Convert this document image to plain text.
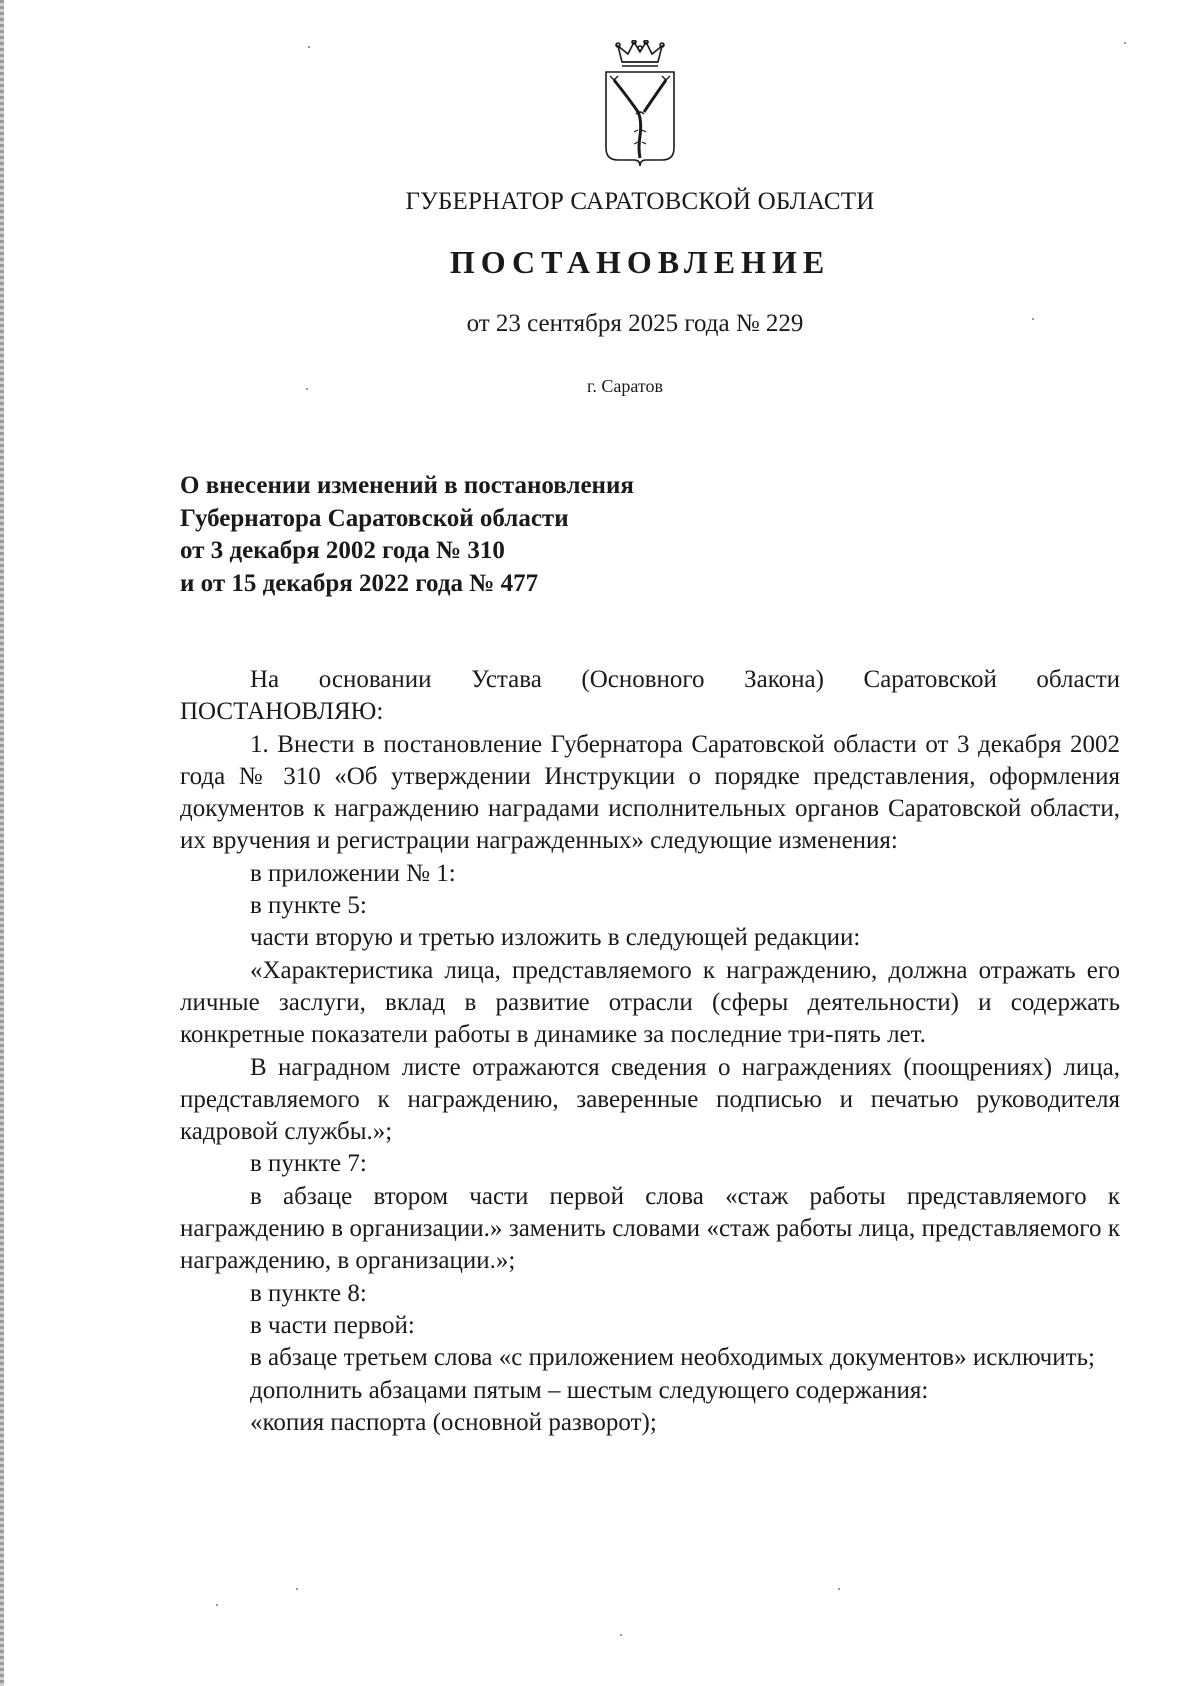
ГУБЕРНАТОР САРАТОВСКОЙ ОБЛАСТИ
ПОСТАНОВЛЕНИЕ
от 23 сентября 2025 года № 229
г. Саратов
О внесении изменений в постановления
Губернатора Саратовской области
от 3 декабря 2002 года № 310
и от 15 декабря 2022 года № 477

На основании Устава (Основного Закона) Саратовской области ПОСТАНОВЛЯЮ:

1. Внести в постановление Губернатора Саратовской области от 3 декабря 2002 года № 310 «Об утверждении Инструкции о порядке представления, оформления документов к награждению наградами исполнительных органов Саратовской области, их вручения и регистрации награжденных» следующие изменения:

в приложении № 1:

в пункте 5:

части вторую и третью изложить в следующей редакции:

«Характеристика лица, представляемого к награждению, должна отражать его личные заслуги, вклад в развитие отрасли (сферы деятельности) и содержать конкретные показатели работы в динамике за последние три-пять лет.

В наградном листе отражаются сведения о награждениях (поощрениях) лица, представляемого к награждению, заверенные подписью и печатью руководителя кадровой службы.»;

в пункте 7:

в абзаце втором части первой слова «стаж работы представляемого к награждению в организации.» заменить словами «стаж работы лица, представляемого к награждению, в организации.»;

в пункте 8:

в части первой:

в абзаце третьем слова «с приложением необходимых документов» исключить;

дополнить абзацами пятым – шестым следующего содержания:

«копия паспорта (основной разворот);
